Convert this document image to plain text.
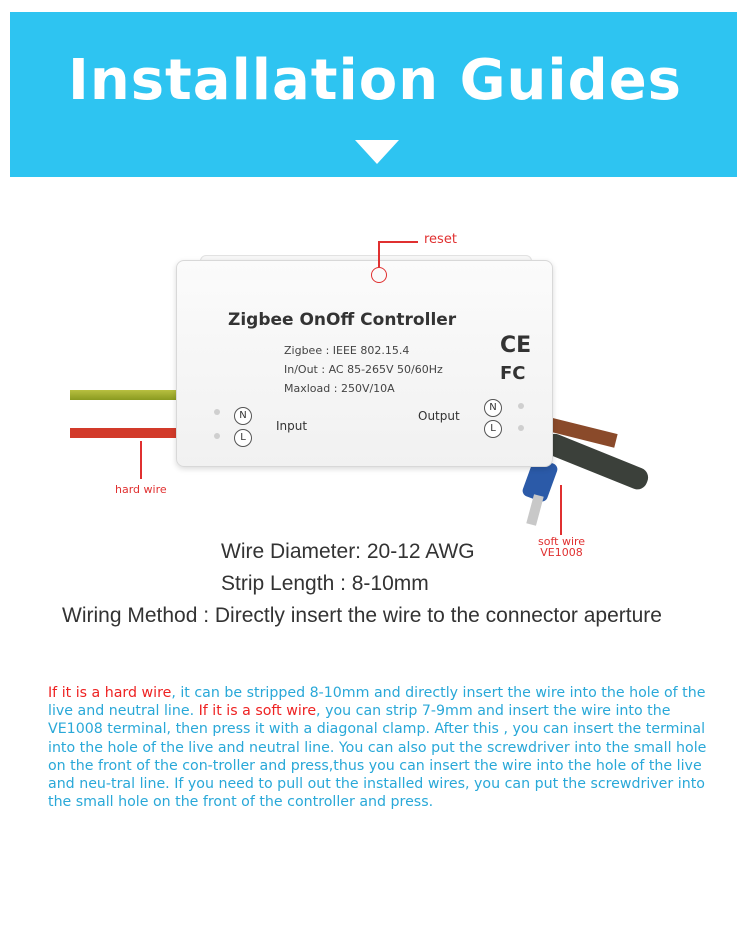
Installation Guides
Zigbee OnOff Controller
Zigbee : IEEE 802.15.4
In/Out : AC 85-265V 50/60Hz
Maxload : 250V/10A
CE
FC
N
L
Input
Output
N
L
reset
hard wire
soft wire
VE1008
Wire Diameter: 20-12 AWG
Strip Length : 8-10mm
Wiring Method : Directly insert the wire to the connector aperture
If it is a hard wire, it can be stripped 8-10mm and directly insert the wire into the hole of the live and neutral line. If it is a soft wire, you can strip 7-9mm and insert the wire into the VE1008 terminal, then press it with a diagonal clamp. After this , you can insert the terminal into the hole of the live and neutral line. You can also put the screwdriver into the small hole on the front of the con-troller and press,thus you can insert the wire into the hole of the live and neu-tral line. If you need to pull out the installed wires, you can put the screwdriver into the small hole on the front of the controller and press.
